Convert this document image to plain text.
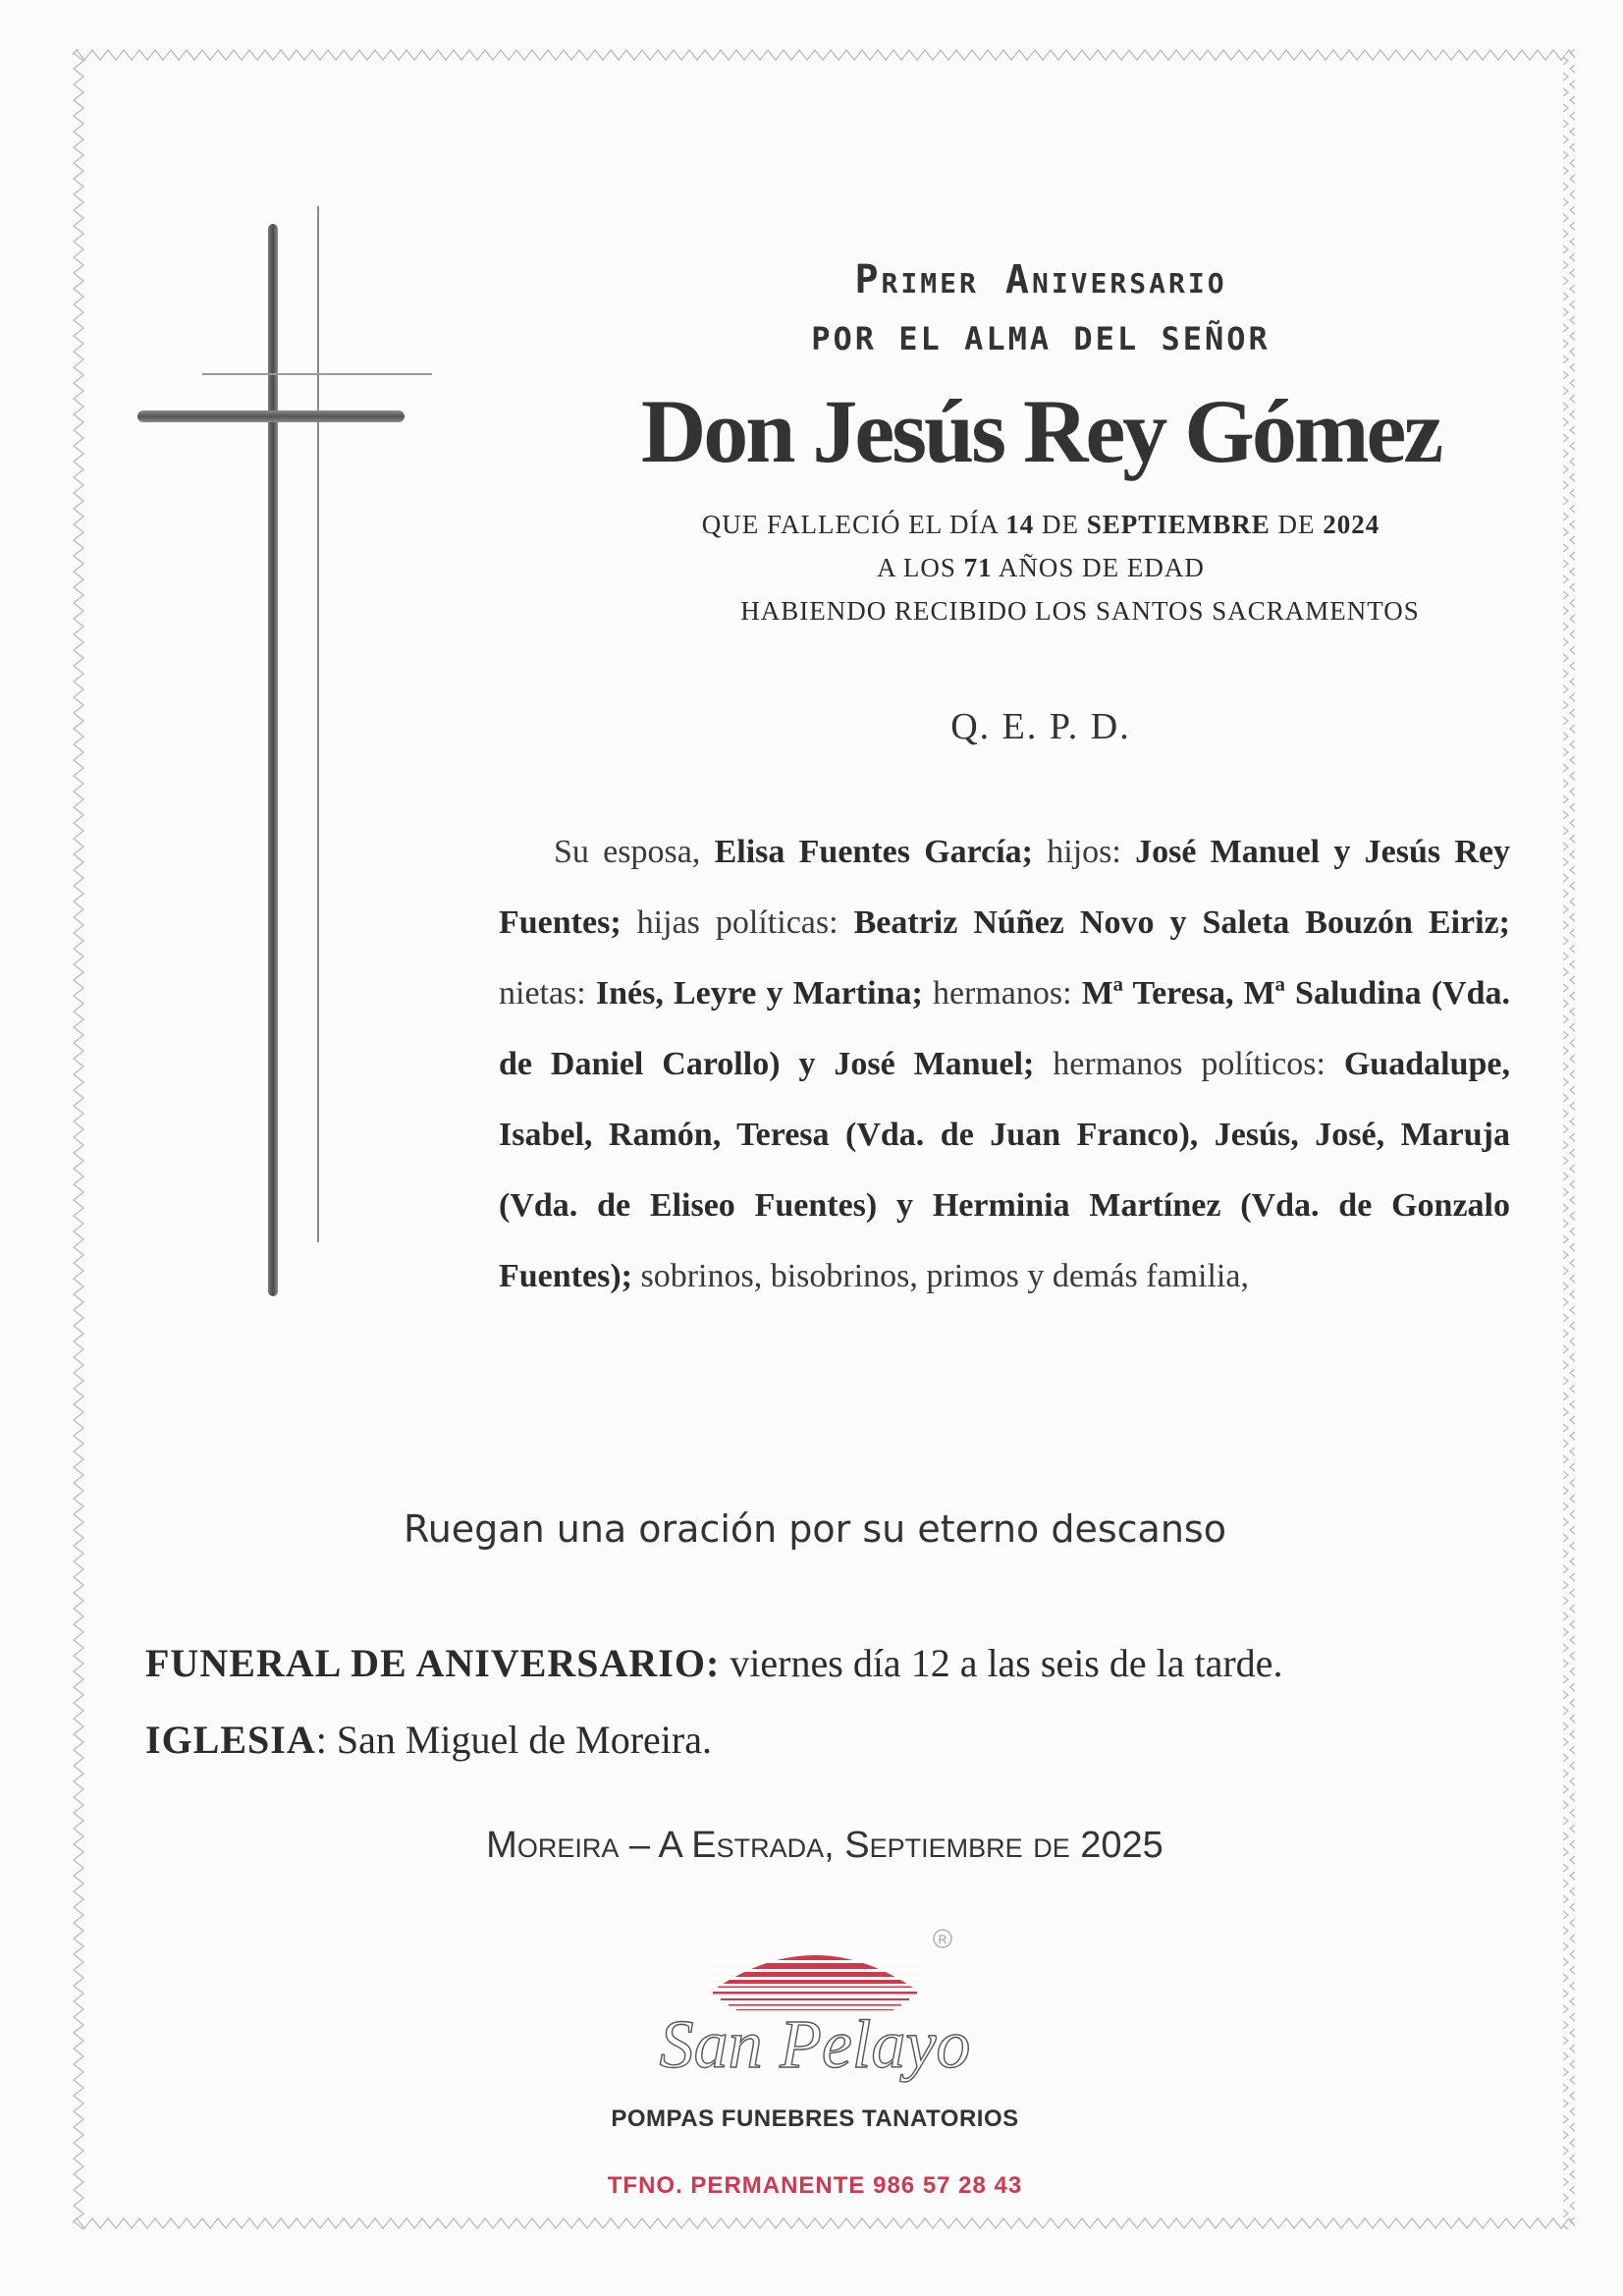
Primer Aniversario

POR EL ALMA DEL SEÑOR

Don Jesús Rey Gómez
QUE FALLECIÓ EL DÍA 14 DE SEPTIEMBRE DE 2024
A LOS 71 AÑOS DE EDAD
HABIENDO RECIBIDO LOS SANTOS SACRAMENTOS
Q. E. P. D.
Su esposa, Elisa Fuentes García; hijos: José Manuel y Jesús Rey Fuentes; hijas políticas: Beatriz Núñez Novo y Saleta Bouzón Eiriz; nietas: Inés, Leyre y Martina; hermanos: Mª Teresa, Mª Saludina (Vda. de Daniel Carollo) y José Manuel; hermanos políticos: Guadalupe, Isabel, Ramón, Teresa (Vda. de Juan Franco), Jesús, José, Maruja (Vda. de Eliseo Fuentes) y Herminia Martínez (Vda. de Gonzalo Fuentes); sobrinos, bisobrinos, primos y demás familia,
Ruegan una oración por su eterno descanso
FUNERAL DE ANIVERSARIO: viernes día 12 a las seis de la tarde.
IGLESIA: San Miguel de Moreira.
Moreira – A Estrada, Septiembre de 2025
R
San Pelayo
POMPAS FUNEBRES TANATORIOS
TFNO. PERMANENTE 986 57 28 43
